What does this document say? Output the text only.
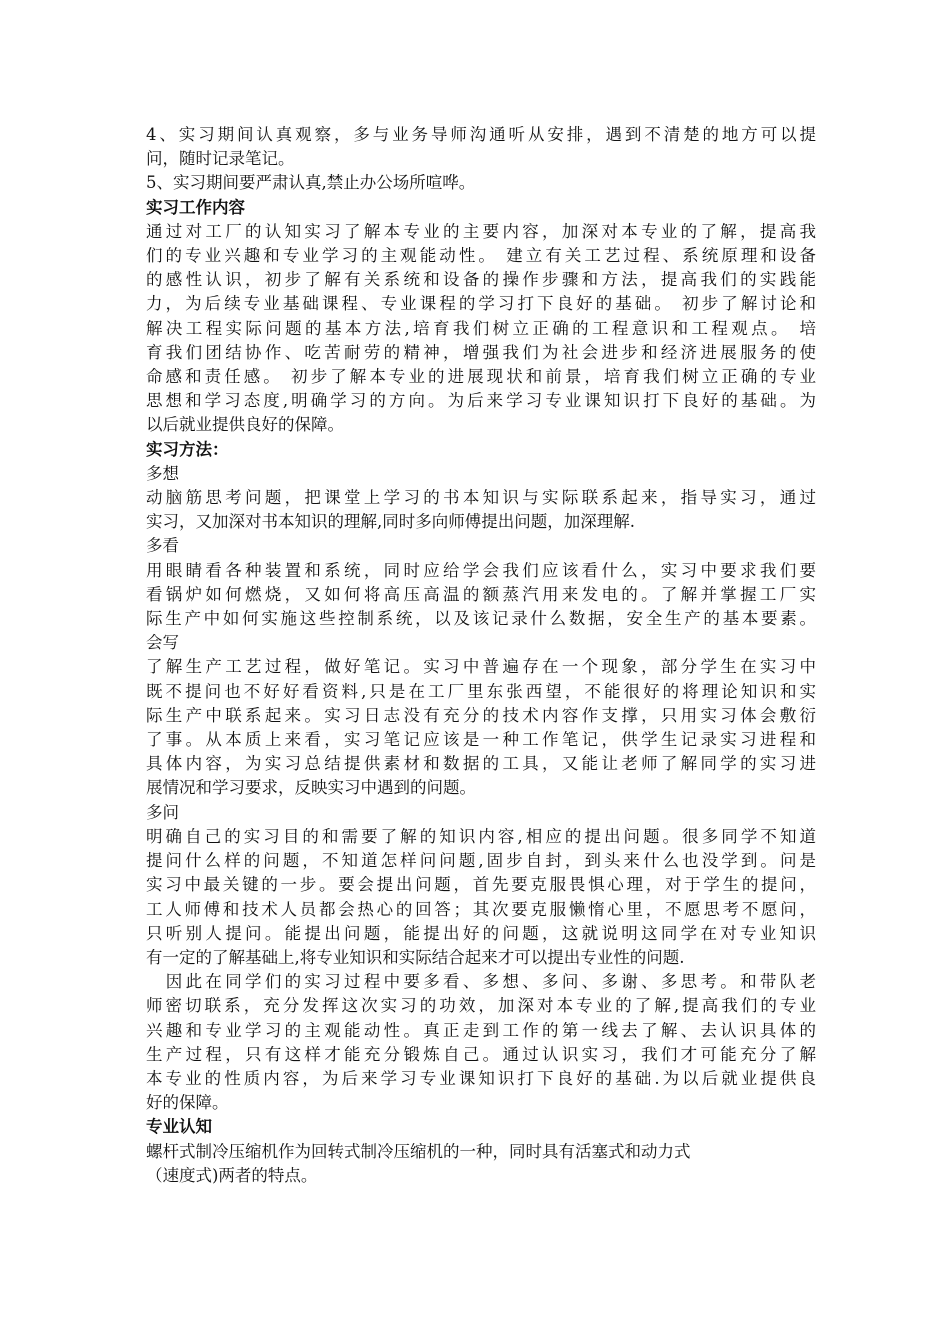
4、实习期间认真观察，多与业务导师沟通听从安排，遇到不清楚的地方可以提
问，随时记录笔记。
5、实习期间要严肃认真,禁止办公场所喧哗。
实习工作内容
通过对工厂的认知实习了解本专业的主要内容，加深对本专业的了解，提高我
们的专业兴趣和专业学习的主观能动性。 建立有关工艺过程、系统原理和设备
的感性认识，初步了解有关系统和设备的操作步骤和方法，提高我们的实践能
力，为后续专业基础课程、专业课程的学习打下良好的基础。 初步了解讨论和
解决工程实际问题的基本方法,培育我们树立正确的工程意识和工程观点。 培
育我们团结协作、吃苦耐劳的精神，增强我们为社会进步和经济进展服务的使
命感和责任感。 初步了解本专业的进展现状和前景，培育我们树立正确的专业
思想和学习态度,明确学习的方向。为后来学习专业课知识打下良好的基础。为
以后就业提供良好的保障。
实习方法：
多想
动脑筋思考问题，把课堂上学习的书本知识与实际联系起来，指导实习，通过
实习，又加深对书本知识的理解,同时多向师傅提出问题，加深理解.
多看
用眼睛看各种装置和系统，同时应给学会我们应该看什么，实习中要求我们要
看锅炉如何燃烧，又如何将高压高温的额蒸汽用来发电的。了解并掌握工厂实
际生产中如何实施这些控制系统，以及该记录什么数据，安全生产的基本要素。
会写
了解生产工艺过程，做好笔记。实习中普遍存在一个现象，部分学生在实习中
既不提问也不好好看资料,只是在工厂里东张西望，不能很好的将理论知识和实
际生产中联系起来。实习日志没有充分的技术内容作支撑，只用实习体会敷衍
了事。从本质上来看，实习笔记应该是一种工作笔记，供学生记录实习进程和
具体内容，为实习总结提供素材和数据的工具，又能让老师了解同学的实习进
展情况和学习要求，反映实习中遇到的问题。
多问
明确自己的实习目的和需要了解的知识内容,相应的提出问题。很多同学不知道
提问什么样的问题，不知道怎样问问题,固步自封，到头来什么也没学到。问是
实习中最关键的一步。要会提出问题，首先要克服畏惧心理，对于学生的提问，
工人师傅和技术人员都会热心的回答；其次要克服懒惰心里，不愿思考不愿问，
只听别人提问。能提出问题，能提出好的问题，这就说明这同学在对专业知识
有一定的了解基础上,将专业知识和实际结合起来才可以提出专业性的问题.
　因此在同学们的实习过程中要多看、多想、多问、多谢、多思考。和带队老
师密切联系，充分发挥这次实习的功效，加深对本专业的了解,提高我们的专业
兴趣和专业学习的主观能动性。真正走到工作的第一线去了解、去认识具体的
生产过程，只有这样才能充分锻炼自己。通过认识实习，我们才可能充分了解
本专业的性质内容，为后来学习专业课知识打下良好的基础.为以后就业提供良
好的保障。
专业认知
螺杆式制冷压缩机作为回转式制冷压缩机的一种，同时具有活塞式和动力式
（速度式)两者的特点。
